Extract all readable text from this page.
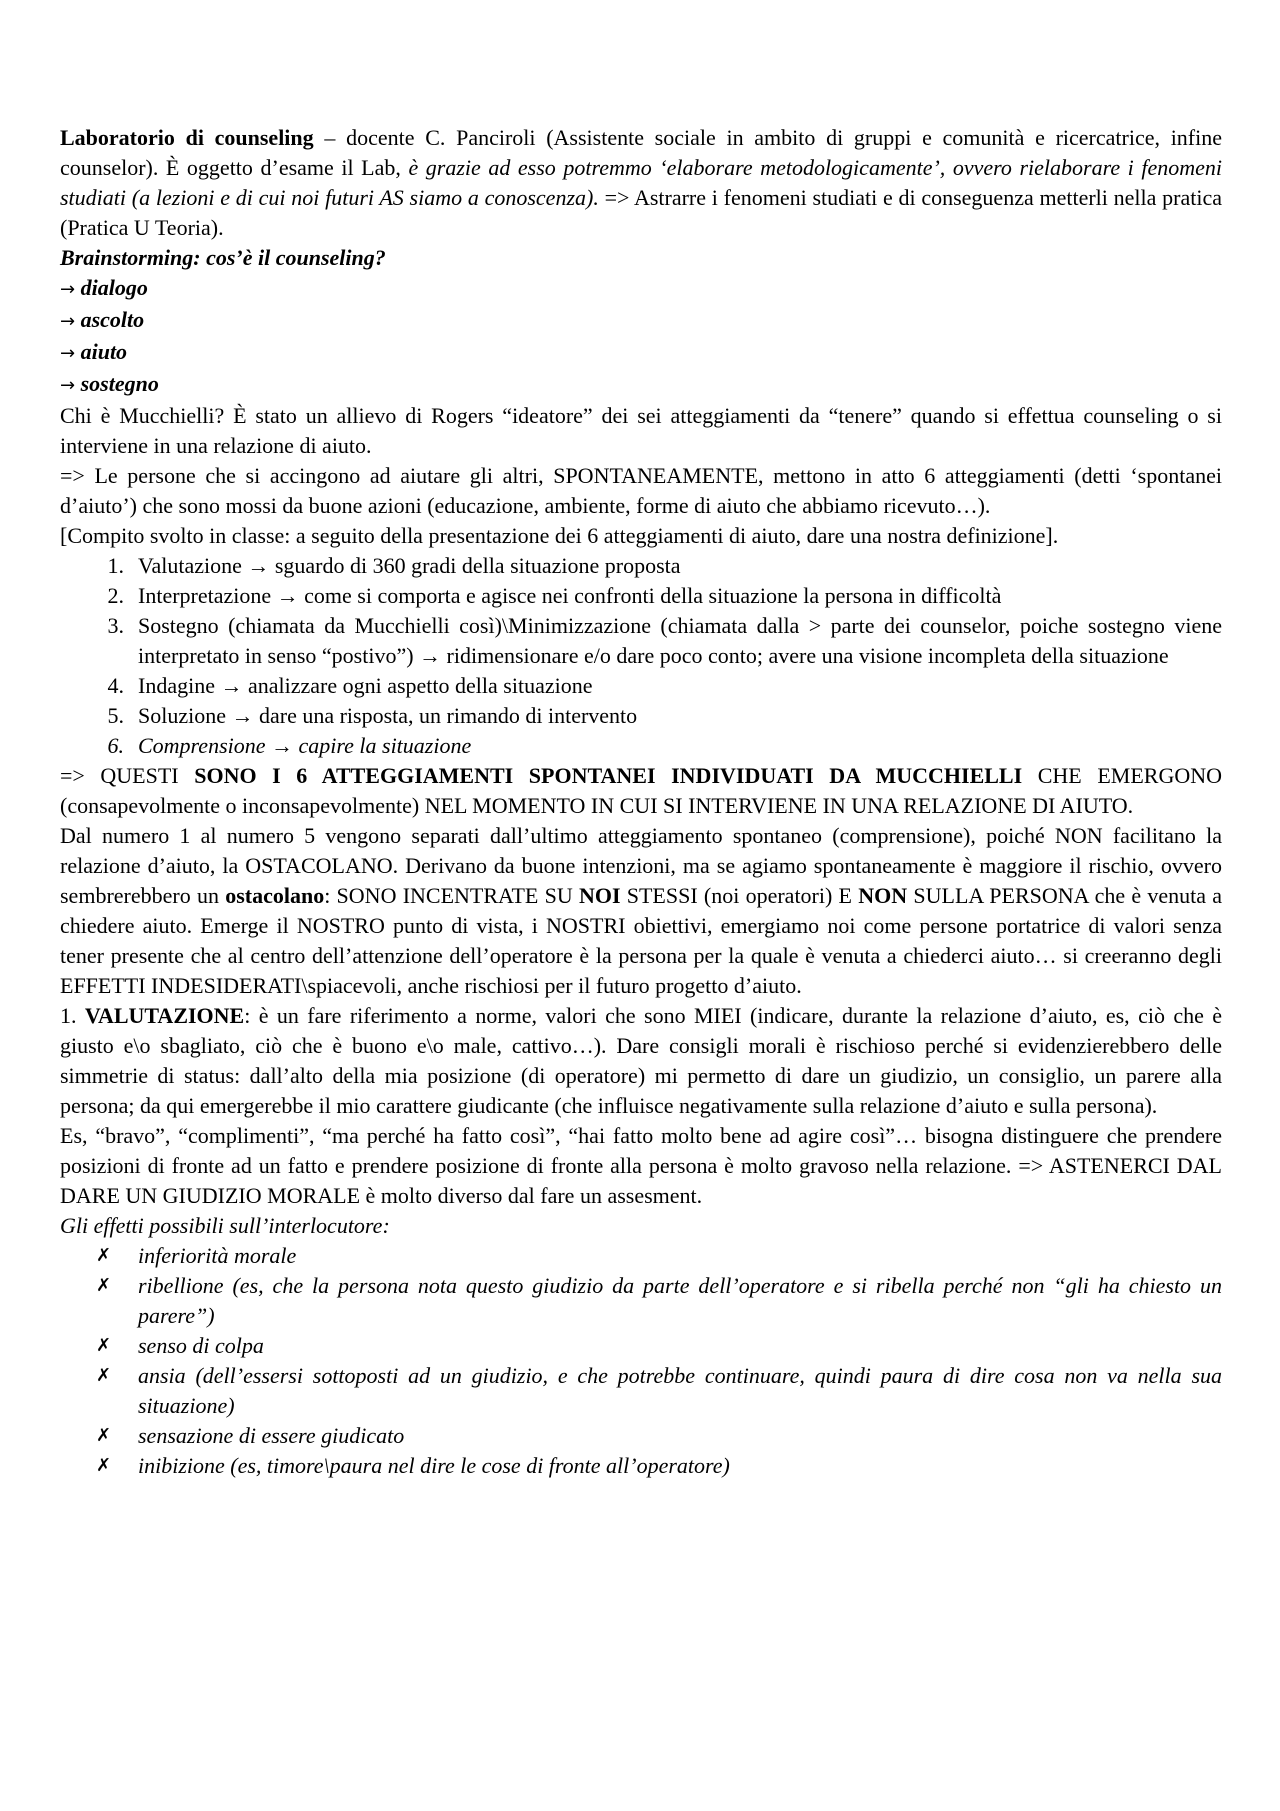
Laboratorio di counseling – docente C. Panciroli (Assistente sociale in ambito di gruppi e comunità e ricercatrice, infine counselor). È oggetto d’esame il Lab, è grazie ad esso potremmo ‘elaborare metodologicamente’, ovvero rielaborare i fenomeni studiati (a lezioni e di cui noi futuri AS siamo a conoscenza). => Astrarre i fenomeni studiati e di conseguenza metterli nella pratica (Pratica U Teoria).

Brainstorming: cos’è il counseling?

→ dialogo

→ ascolto

→ aiuto

→ sostegno

Chi è Mucchielli? È stato un allievo di Rogers “ideatore” dei sei atteggiamenti da “tenere” quando si effettua counseling o si interviene in una relazione di aiuto.

=> Le persone che si accingono ad aiutare gli altri, SPONTANEAMENTE, mettono in atto 6 atteggiamenti (detti ‘spontanei d’aiuto’) che sono mossi da buone azioni (educazione, ambiente, forme di aiuto che abbiamo ricevuto…).

[Compito svolto in classe: a seguito della presentazione dei 6 atteggiamenti di aiuto, dare una nostra definizione].

1. Valutazione → sguardo di 360 gradi della situazione proposta
2. Interpretazione → come si comporta e agisce nei confronti della situazione la persona in difficoltà
3. Sostegno (chiamata da Mucchielli così)\Minimizzazione (chiamata dalla > parte dei counselor, poiche sostegno viene interpretato in senso “postivo”) → ridimensionare e/o dare poco conto; avere una visione incompleta della situazione
4. Indagine → analizzare ogni aspetto della situazione
5. Soluzione → dare una risposta, un rimando di intervento
6. Comprensione → capire la situazione

=> QUESTI SONO I 6 ATTEGGIAMENTI SPONTANEI INDIVIDUATI DA MUCCHIELLI CHE EMERGONO (consapevolmente o inconsapevolmente) NEL MOMENTO IN CUI SI INTERVIENE IN UNA RELAZIONE DI AIUTO.

Dal numero 1 al numero 5 vengono separati dall’ultimo atteggiamento spontaneo (comprensione), poiché NON facilitano la relazione d’aiuto, la OSTACOLANO. Derivano da buone intenzioni, ma se agiamo spontaneamente è maggiore il rischio, ovvero sembrerebbero un ostacolano: SONO INCENTRATE SU NOI STESSI (noi operatori) E NON SULLA PERSONA che è venuta a chiedere aiuto. Emerge il NOSTRO punto di vista, i NOSTRI obiettivi, emergiamo noi come persone portatrice di valori senza tener presente che al centro dell’attenzione dell’operatore è la persona per la quale è venuta a chiederci aiuto… si creeranno degli EFFETTI INDESIDERATI\spiacevoli, anche rischiosi per il futuro progetto d’aiuto.

1. VALUTAZIONE: è un fare riferimento a norme, valori che sono MIEI (indicare, durante la relazione d’aiuto, es, ciò che è giusto e\o sbagliato, ciò che è buono e\o male, cattivo…). Dare consigli morali è rischioso perché si evidenzierebbero delle simmetrie di status: dall’alto della mia posizione (di operatore) mi permetto di dare un giudizio, un consiglio, un parere alla persona; da qui emergerebbe il mio carattere giudicante (che influisce negativamente sulla relazione d’aiuto e sulla persona).

Es, “bravo”, “complimenti”, “ma perché ha fatto così”, “hai fatto molto bene ad agire così”… bisogna distinguere che prendere posizioni di fronte ad un fatto e prendere posizione di fronte alla persona è molto gravoso nella relazione. => ASTENERCI DAL DARE UN GIUDIZIO MORALE è molto diverso dal fare un assesment.

Gli effetti possibili sull’interlocutore:

✗ inferiorità morale
✗ ribellione (es, che la persona nota questo giudizio da parte dell’operatore e si ribella perché non “gli ha chiesto un parere”)
✗ senso di colpa
✗ ansia (dell’essersi sottoposti ad un giudizio, e che potrebbe continuare, quindi paura di dire cosa non va nella sua situazione)
✗ sensazione di essere giudicato
✗ inibizione (es, timore\paura nel dire le cose di fronte all’operatore)
